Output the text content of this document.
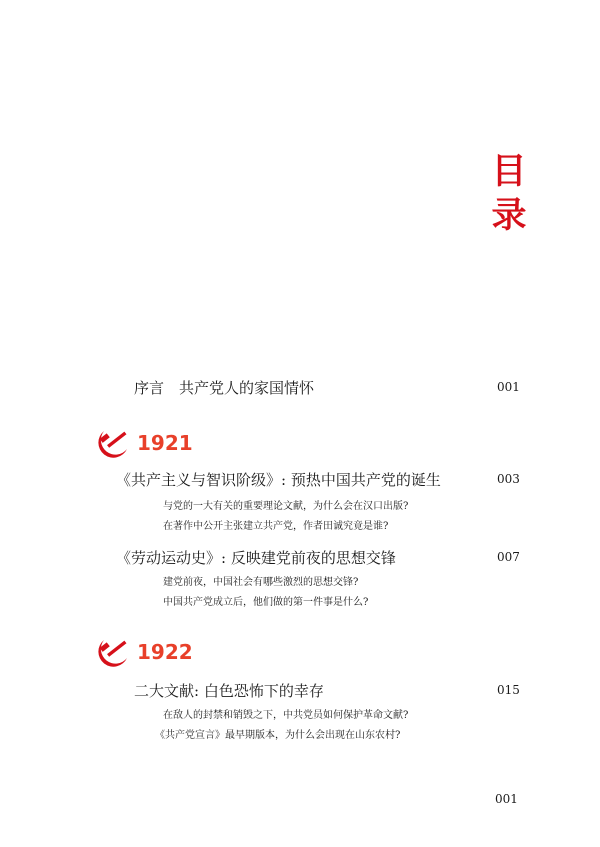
目
录
序言　共产党人的家国情怀	001
1921
《共产主义与智识阶级》: 预热中国共产党的诞生	003
与党的一大有关的重要理论文献，为什么会在汉口出版?
在著作中公开主张建立共产党，作者田诚究竟是谁?
《劳动运动史》: 反映建党前夜的思想交锋	007
建党前夜，中国社会有哪些激烈的思想交锋?
中国共产党成立后，他们做的第一件事是什么?
1922
二大文献: 白色恐怖下的幸存	015
在敌人的封禁和销毁之下，中共党员如何保护革命文献?
《共产党宣言》最早期版本，为什么会出现在山东农村?
001
